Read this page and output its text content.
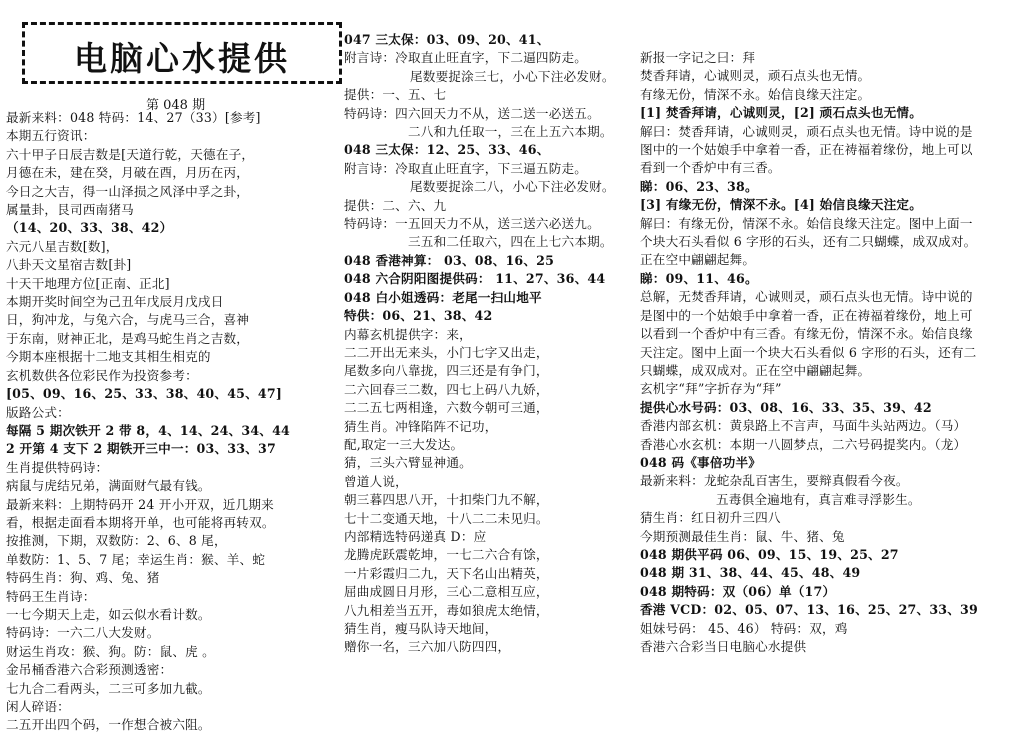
电脑心水提供
第 048 期
最新来料：048 特码：14、27（33）[参考]
本期五行资讯：
六十甲子日辰吉数是[天道行乾，天德在子，
月德在未，建在癸，月破在酉，月历在丙，
今日之大吉，得一山泽损之风泽中孚之卦，
属量卦，艮司西南猪马
（14、20、33、38、42）
六元八星吉数[数]，
八卦天文星宿吉数[卦]
十天干地理方位[正南、正北]
本期开奖时间空为己丑年戊辰月戊戌日
日，狗冲龙，与兔六合，与虎马三合，喜神
于东南，财神正北，是鸡马蛇生肖之吉数，
今期本座根据十二地支其相生相克的
玄机数供各位彩民作为投资参考：
[05、09、16、25、33、38、40、45、47]
版路公式：
每隔 5 期次铁开 2 带 8，4、14、24、34、44
2 开第 4 支下 2 期铁开三中一：03、33、37
生肖提供特码诗：
病鼠与虎结兄弟，满面财气最有钱。
最新来料：上期特码开 24 开小开双，近几期来
看，根据走面看本期将开单，也可能将再转双。
按推测，下期，双数防：2、6、8 尾，
单数防：1、5、7 尾；幸运生肖：猴、羊、蛇
特码生肖：狗、鸡、兔、猪
特码王生肖诗：
一七今期天上走，如云似水看计数。
特码诗：一六二八大发财。
财运生肖攻：猴、狗。防：鼠、虎 。
金吊桶香港六合彩预测透密：
七九合二看两头，二三可多加九截。
闲人碎语：
二五开出四个码，一作想合被六阻。
047 三太保：03、09、20、41、
附言诗：冷取直止旺直字，下二逼四防走。
尾数要捉涂三七，小心下注必发财。
提供：一、五、七
特码诗：四六回天力不从，送二送一必送五。
二八和九任取一，三在上五六本期。
048 三太保：12、25、33、46、
附言诗：冷取直止旺直字，下三逼五防走。
尾数要捉涂二八，小心下注必发财。
提供：二、六、九
特码诗：一五回天力不从，送三送六必送九。
三五和二任取六，四在上七六本期。
048 香港神算： 03、08、16、25
048 六合阴阳图提供码： 11、27、36、44
048 白小姐透码：老尾一扫山地平
特供：06、21、38、42
内幕玄机提供字：来，
二二开出无来头，小门七字又出走，
尾数多向八靠拢，四三还是有争门，
二六回春三二数，四七上码八九娇，
二二五七两相逢，六数今朝可三通，
猜生肖。冲锋陷阵不记功，
配,取定一三大发达。
猜，三头六臂显神通。
曾道人说，
朝三暮四思八开，十扣柴门九不解，
七十二变通天地，十八二二未见归。
内部精选特码递真 D：应
龙腾虎跃震乾坤，一七二六合有馀，
一片彩霞归二九，天下名山出精英，
屈曲成圆日月形，三心二意相互应，
八九相差当五开，毒如狼虎太绝情，
猜生肖，瘦马队诗天地间，
赠你一名，三六加八防四四，
新报一字记之曰：拜
焚香拜请，心诚则灵，顽石点头也无情。
有缘无份，情深不永。始信良缘天注定。
[1] 焚香拜请，心诚则灵，[2] 顽石点头也无情。
解曰：焚香拜请，心诚则灵，顽石点头也无情。诗中说的是
图中的一个姑娘手中拿着一香，正在祷福着缘份，地上可以
看到一个香炉中有三香。
睇：06、23、38。
[3] 有缘无份，情深不永。[4] 始信良缘天注定。
解曰：有缘无份，情深不永。始信良缘天注定。图中上面一
个块大石头看似 6 字形的石头，还有二只蝴蝶，成双成对。
正在空中翩翩起舞。
睇：09、11、46。
总解，无焚香拜请，心诚则灵，顽石点头也无情。诗中说的
是图中的一个姑娘手中拿着一香，正在祷福着缘份，地上可
以看到一个香炉中有三香。有缘无份，情深不永。始信良缘
天注定。图中上面一个块大石头看似 6 字形的石头，还有二
只蝴蝶，成双成对。正在空中翩翩起舞。
玄机字“拜”字折存为“拜”
提供心水号码：03、08、16、33、35、39、42
香港内部玄机：黄泉路上不言声，马面牛头站两边。（马）
香港心水玄机：本期一八圆梦点，二六号码提奖内。（龙）
048 码《事倍功半》
最新来料：龙蛇杂乱百害生，要辩真假看今夜。
五毒俱全遍地有，真言难寻浮影生。
猜生肖：红日初升三四八
今期预测最佳生肖：鼠、牛、猪、兔
048 期供平码 06、09、15、19、25、27
048 期 31、38、44、45、48、49
048 期特码：双（06）单（17）
香港 VCD：02、05、07、13、16、25、27、33、39
姐妹号码： 45、46） 特码：双，鸡
香港六合彩当日电脑心水提供
